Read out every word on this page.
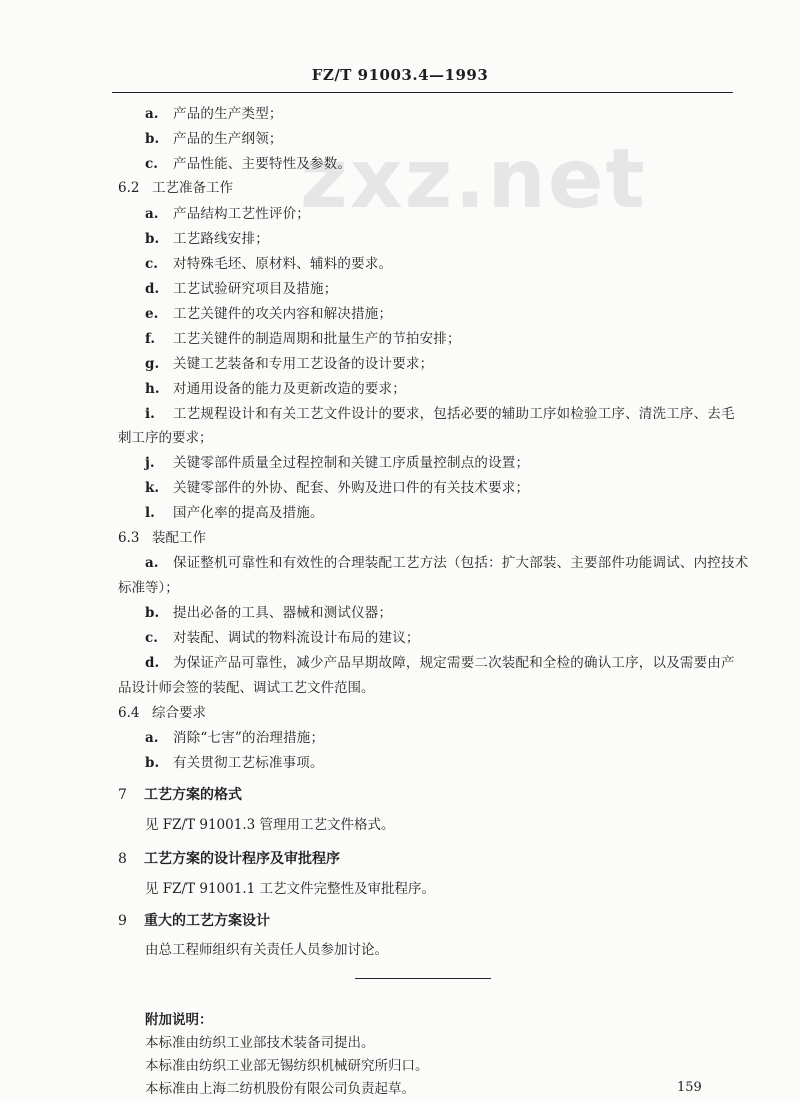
FZ/T 91003.4—1993
zxz.net
a. 产品的生产类型；
b. 产品的生产纲领；
c. 产品性能、主要特性及参数。
6.2 工艺准备工作
a. 产品结构工艺性评价；
b. 工艺路线安排；
c. 对特殊毛坯、原材料、辅料的要求。
d. 工艺试验研究项目及措施；
e. 工艺关键件的攻关内容和解决措施；
f. 工艺关键件的制造周期和批量生产的节拍安排；
g. 关键工艺装备和专用工艺设备的设计要求；
h. 对通用设备的能力及更新改造的要求；
i. 工艺规程设计和有关工艺文件设计的要求，包括必要的辅助工序如检验工序、清洗工序、去毛
刺工序的要求；
j. 关键零部件质量全过程控制和关键工序质量控制点的设置；
k. 关键零部件的外协、配套、外购及进口件的有关技术要求；
l. 国产化率的提高及措施。
6.3 装配工作
a. 保证整机可靠性和有效性的合理装配工艺方法（包括：扩大部装、主要部件功能调试、内控技术
标准等）；
b. 提出必备的工具、器械和测试仪器；
c. 对装配、调试的物料流设计布局的建议；
d. 为保证产品可靠性，减少产品早期故障，规定需要二次装配和全检的确认工序，以及需要由产
品设计师会签的装配、调试工艺文件范围。
6.4 综合要求
a. 消除“七害”的治理措施；
b. 有关贯彻工艺标准事项。
7 工艺方案的格式
见 FZ/T 91001.3 管理用工艺文件格式。
8 工艺方案的设计程序及审批程序
见 FZ/T 91001.1 工艺文件完整性及审批程序。
9 重大的工艺方案设计
由总工程师组织有关责任人员参加讨论。
附加说明：
本标准由纺织工业部技术装备司提出。
本标准由纺织工业部无锡纺织机械研究所归口。
本标准由上海二纺机股份有限公司负责起草。	159
